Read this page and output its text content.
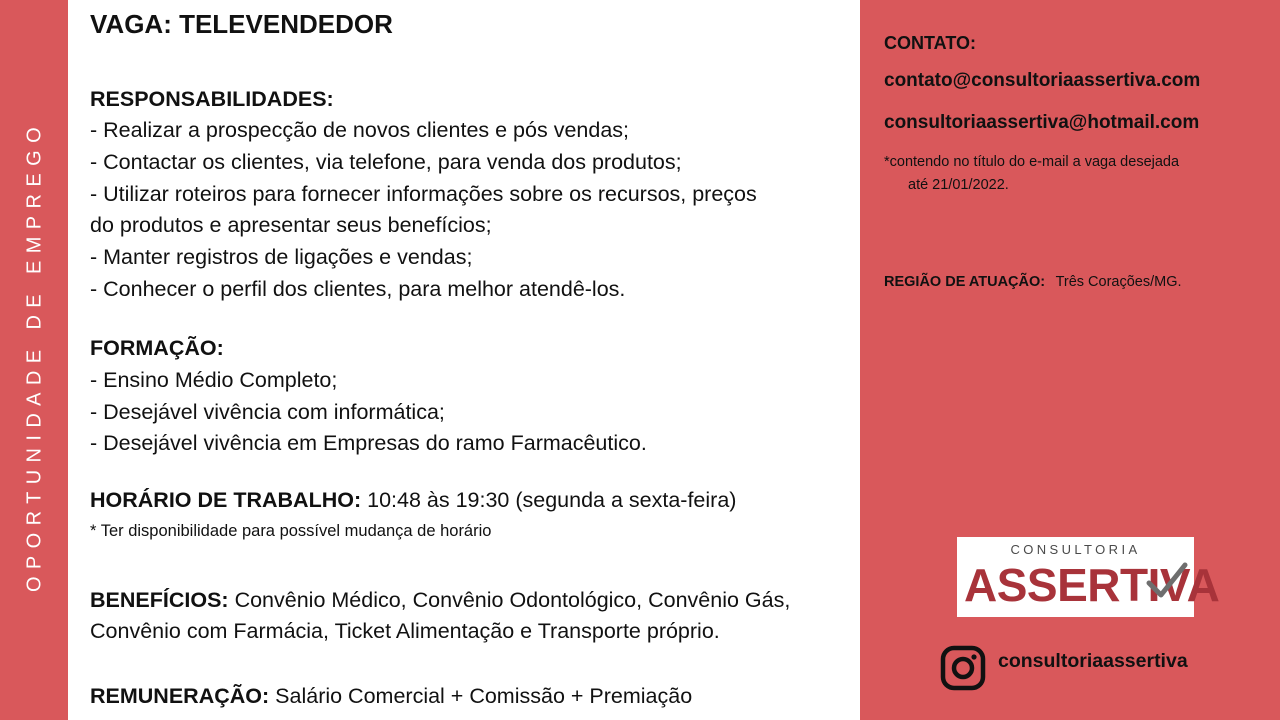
OPORTUNIDADE DE EMPREGO
VAGA: TELEVENDEDOR
RESPONSABILIDADES:
- Realizar a prospecção de novos clientes e pós vendas;
- Contactar os clientes, via telefone, para venda dos produtos;
- Utilizar roteiros para fornecer informações sobre os recursos, preços
do produtos e apresentar seus benefícios;
- Manter registros de ligações e vendas;
- Conhecer o perfil dos clientes, para melhor atendê-los.
FORMAÇÃO:
- Ensino Médio Completo;
- Desejável vivência com informática;
- Desejável vivência em Empresas do ramo Farmacêutico.
HORÁRIO DE TRABALHO: 10:48 às 19:30 (segunda a sexta-feira)
* Ter disponibilidade para possível mudança de horário
BENEFÍCIOS: Convênio Médico, Convênio Odontológico, Convênio Gás,
Convênio com Farmácia, Ticket Alimentação e Transporte próprio.
REMUNERAÇÃO: Salário Comercial + Comissão + Premiação
CONTATO:
contato@consultoriaassertiva.com
consultoriaassertiva@hotmail.com
*contendo no título do e-mail a vaga desejada
até 21/01/2022.
REGIÃO DE ATUAÇÃO: Três Corações/MG.
CONSULTORIA
ASSERTIVA
consultoriaassertiva
